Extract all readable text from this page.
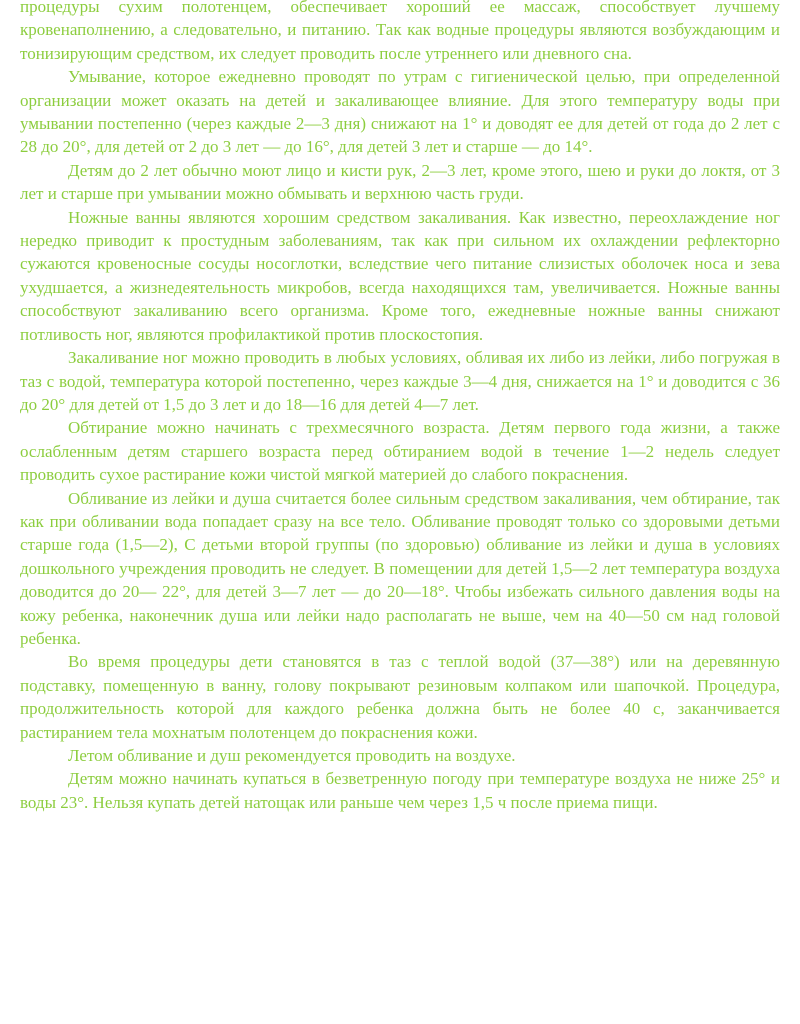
процедуры сухим полотенцем, обеспечивает хороший ее массаж, способствует лучшему кровенаполнению, а следовательно, и питанию. Так как водные процедуры являются возбуждающим и тонизирующим средством, их следует проводить после утреннего или дневного сна.

Умывание, которое ежедневно проводят по утрам с гигиенической целью, при определенной организации может оказать на детей и закаливающее влияние. Для этого температуру воды при умывании постепенно (через каждые 2—3 дня) снижают на 1° и доводят ее для детей от года до 2 лет с 28 до 20°, для детей от 2 до 3 лет — до 16°, для детей 3 лет и старше — до 14°.

Детям до 2 лет обычно моют лицо и кисти рук, 2—3 лет, кроме этого, шею и руки до локтя, от 3 лет и старше при умывании можно обмывать и верхнюю часть груди.

Ножные ванны являются хорошим средством закаливания. Как известно, переохлаждение ног нередко приводит к простудным заболеваниям, так как при сильном их охлаждении рефлекторно сужаются кровеносные сосуды носоглотки, вследствие чего питание слизистых оболочек носа и зева ухудшается, а жизнедеятельность микробов, всегда находящихся там, увеличивается. Ножные ванны способствуют закаливанию всего организма. Кроме того, ежедневные ножные ванны снижают потливость ног, являются профилактикой против плоскостопия.

Закаливание ног можно проводить в любых условиях, обливая их либо из лейки, либо погружая в таз с водой, температура которой постепенно, через каждые 3—4 дня, снижается на 1° и доводится с 36 до 20° для детей от 1,5 до 3 лет и до 18—16 для детей 4—7 лет.

Обтирание можно начинать с трехмесячного возраста. Детям первого года жизни, а также ослабленным детям старшего возраста перед обтиранием водой в течение 1—2 недель следует проводить сухое растирание кожи чистой мягкой материей до слабого покраснения.

Обливание из лейки и душа считается более сильным средством закаливания, чем обтирание, так как при обливании вода попадает сразу на все тело. Обливание проводят только со здоровыми детьми старше года (1,5—2), С детьми второй группы (по здоровью) обливание из лейки и душа в условиях дошкольного учреждения проводить не следует. В помещении для детей 1,5—2 лет температура воздуха доводится до 20— 22°, для детей 3—7 лет — до 20—18°. Чтобы избежать сильного давления воды на кожу ребенка, наконечник душа или лейки надо располагать не выше, чем на 40—50 см над головой ребенка.

Во время процедуры дети становятся в таз с теплой водой (37—38°) или на деревянную подставку, помещенную в ванну, голову покрывают резиновым колпаком или шапочкой. Процедура, продолжительность которой для каждого ребенка должна быть не более 40 с, заканчивается растиранием тела мохнатым полотенцем до покраснения кожи.

Летом обливание и душ рекомендуется проводить на воздухе.

Детям можно начинать купаться в безветренную погоду при температуре воздуха не ниже 25° и воды 23°. Нельзя купать детей натощак или раньше чем через 1,5 ч после приема пищи.
